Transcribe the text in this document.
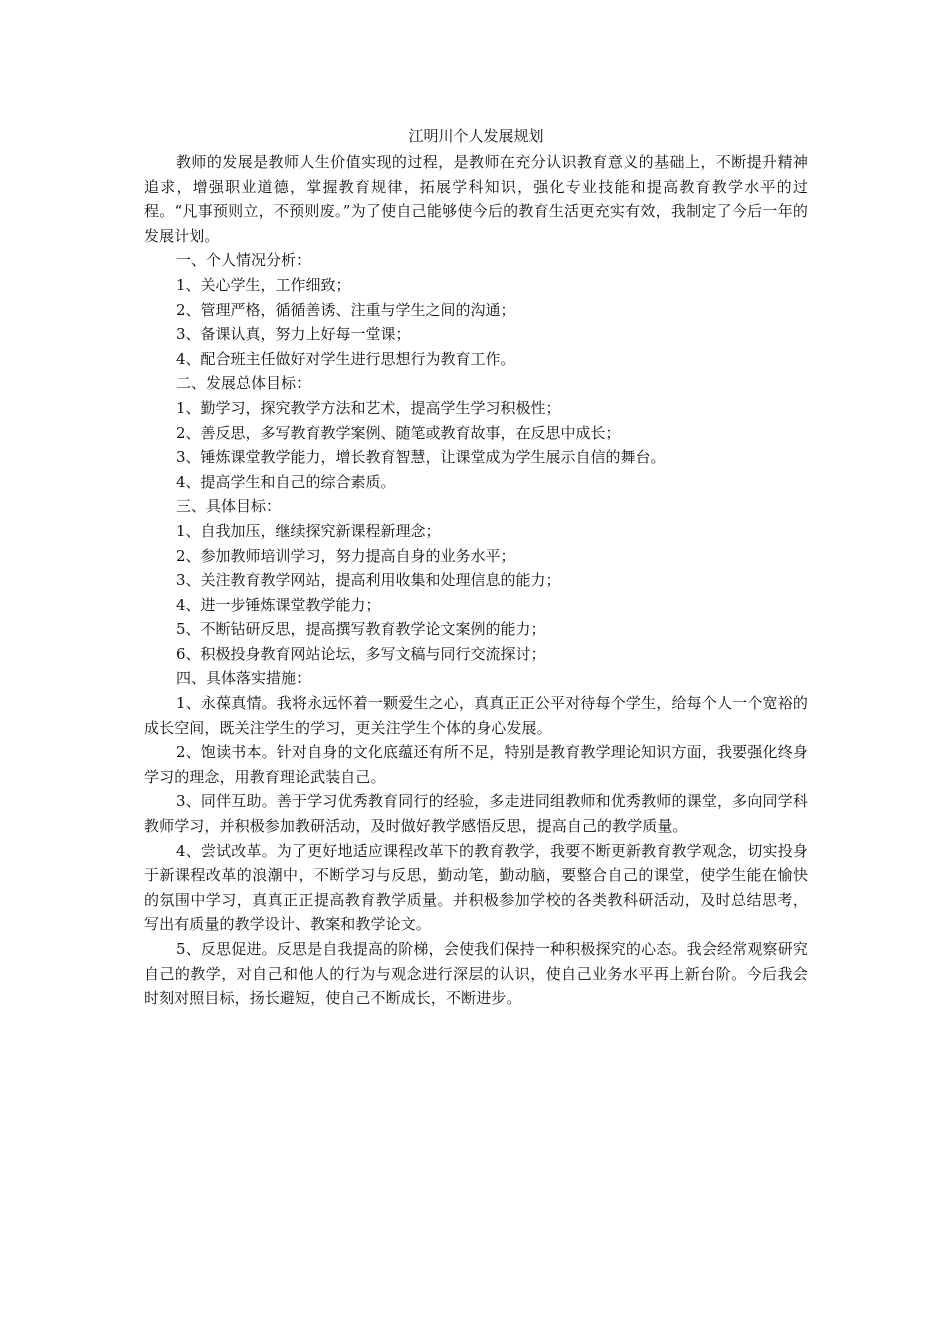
江明川个人发展规划

教师的发展是教师人生价值实现的过程，是教师在充分认识教育意义的基础上，不断提升精神追求，增强职业道德，掌握教育规律，拓展学科知识，强化专业技能和提高教育教学水平的过程。“凡事预则立，不预则废。”为了使自己能够使今后的教育生活更充实有效，我制定了今后一年的发展计划。

一、个人情况分析：

1、关心学生，工作细致；

2、管理严格，循循善诱、注重与学生之间的沟通；

3、备课认真，努力上好每一堂课；

4、配合班主任做好对学生进行思想行为教育工作。

二、发展总体目标：

1、勤学习，探究教学方法和艺术，提高学生学习积极性；

2、善反思，多写教育教学案例、随笔或教育故事，在反思中成长；

3、锤炼课堂教学能力，增长教育智慧，让课堂成为学生展示自信的舞台。

4、提高学生和自己的综合素质。

三、具体目标：

1、自我加压，继续探究新课程新理念；

2、参加教师培训学习，努力提高自身的业务水平；

3、关注教育教学网站，提高利用收集和处理信息的能力；

4、进一步锤炼课堂教学能力；

5、不断钻研反思，提高撰写教育教学论文案例的能力；

6、积极投身教育网站论坛，多写文稿与同行交流探讨；

四、具体落实措施：

1、永葆真情。我将永远怀着一颗爱生之心，真真正正公平对待每个学生，给每个人一个宽裕的成长空间，既关注学生的学习，更关注学生个体的身心发展。

2、饱读书本。针对自身的文化底蕴还有所不足，特别是教育教学理论知识方面，我要强化终身学习的理念，用教育理论武装自己。

3、同伴互助。善于学习优秀教育同行的经验，多走进同组教师和优秀教师的课堂，多向同学科教师学习，并积极参加教研活动，及时做好教学感悟反思，提高自己的教学质量。

4、尝试改革。为了更好地适应课程改革下的教育教学，我要不断更新教育教学观念，切实投身于新课程改革的浪潮中，不断学习与反思，勤动笔，勤动脑，要整合自己的课堂，使学生能在愉快的氛围中学习，真真正正提高教育教学质量。并积极参加学校的各类教科研活动，及时总结思考，写出有质量的教学设计、教案和教学论文。

5、反思促进。反思是自我提高的阶梯，会使我们保持一种积极探究的心态。我会经常观察研究自己的教学，对自己和他人的行为与观念进行深层的认识，使自己业务水平再上新台阶。今后我会时刻对照目标，扬长避短，使自己不断成长，不断进步。
